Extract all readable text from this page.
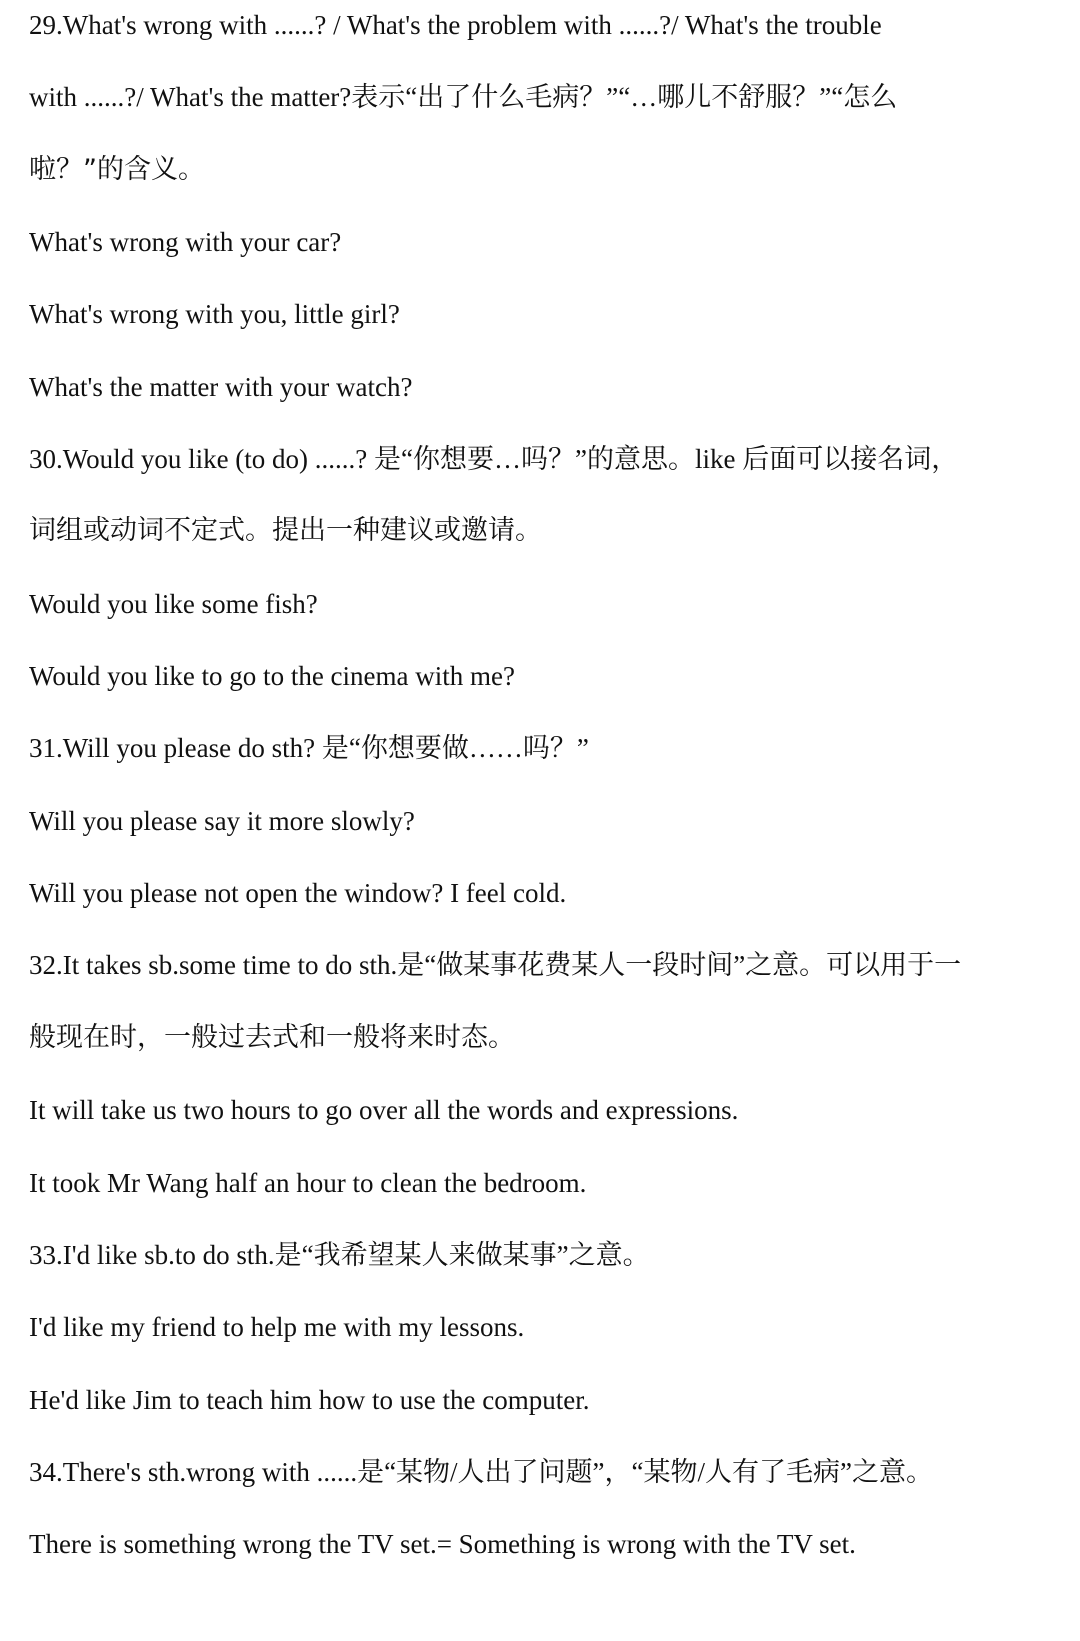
29.What's wrong with ......? / What's the problem with ......?/ What's the trouble
with ......?/ What's the matter?表示“出了什么毛病？”“…哪儿不舒服？”“怎么
啦？”的含义。
What's wrong with your car?
What's wrong with you, little girl?
What's the matter with your watch?
30.Would you like (to do) ......? 是“你想要…吗？”的意思。like 后面可以接名词，
词组或动词不定式。提出一种建议或邀请。
Would you like some fish?
Would you like to go to the cinema with me?
31.Will you please do sth? 是“你想要做……吗？”
Will you please say it more slowly?
Will you please not open the window? I feel cold.
32.It takes sb.some time to do sth.是“做某事花费某人一段时间”之意。可以用于一
般现在时，一般过去式和一般将来时态。
It will take us two hours to go over all the words and expressions.
It took Mr Wang half an hour to clean the bedroom.
33.I'd like sb.to do sth.是“我希望某人来做某事”之意。
I'd like my friend to help me with my lessons.
He'd like Jim to teach him how to use the computer.
34.There's sth.wrong with ......是“某物/人出了问题”，“某物/人有了毛病”之意。
There is something wrong the TV set.= Something is wrong with the TV set.
